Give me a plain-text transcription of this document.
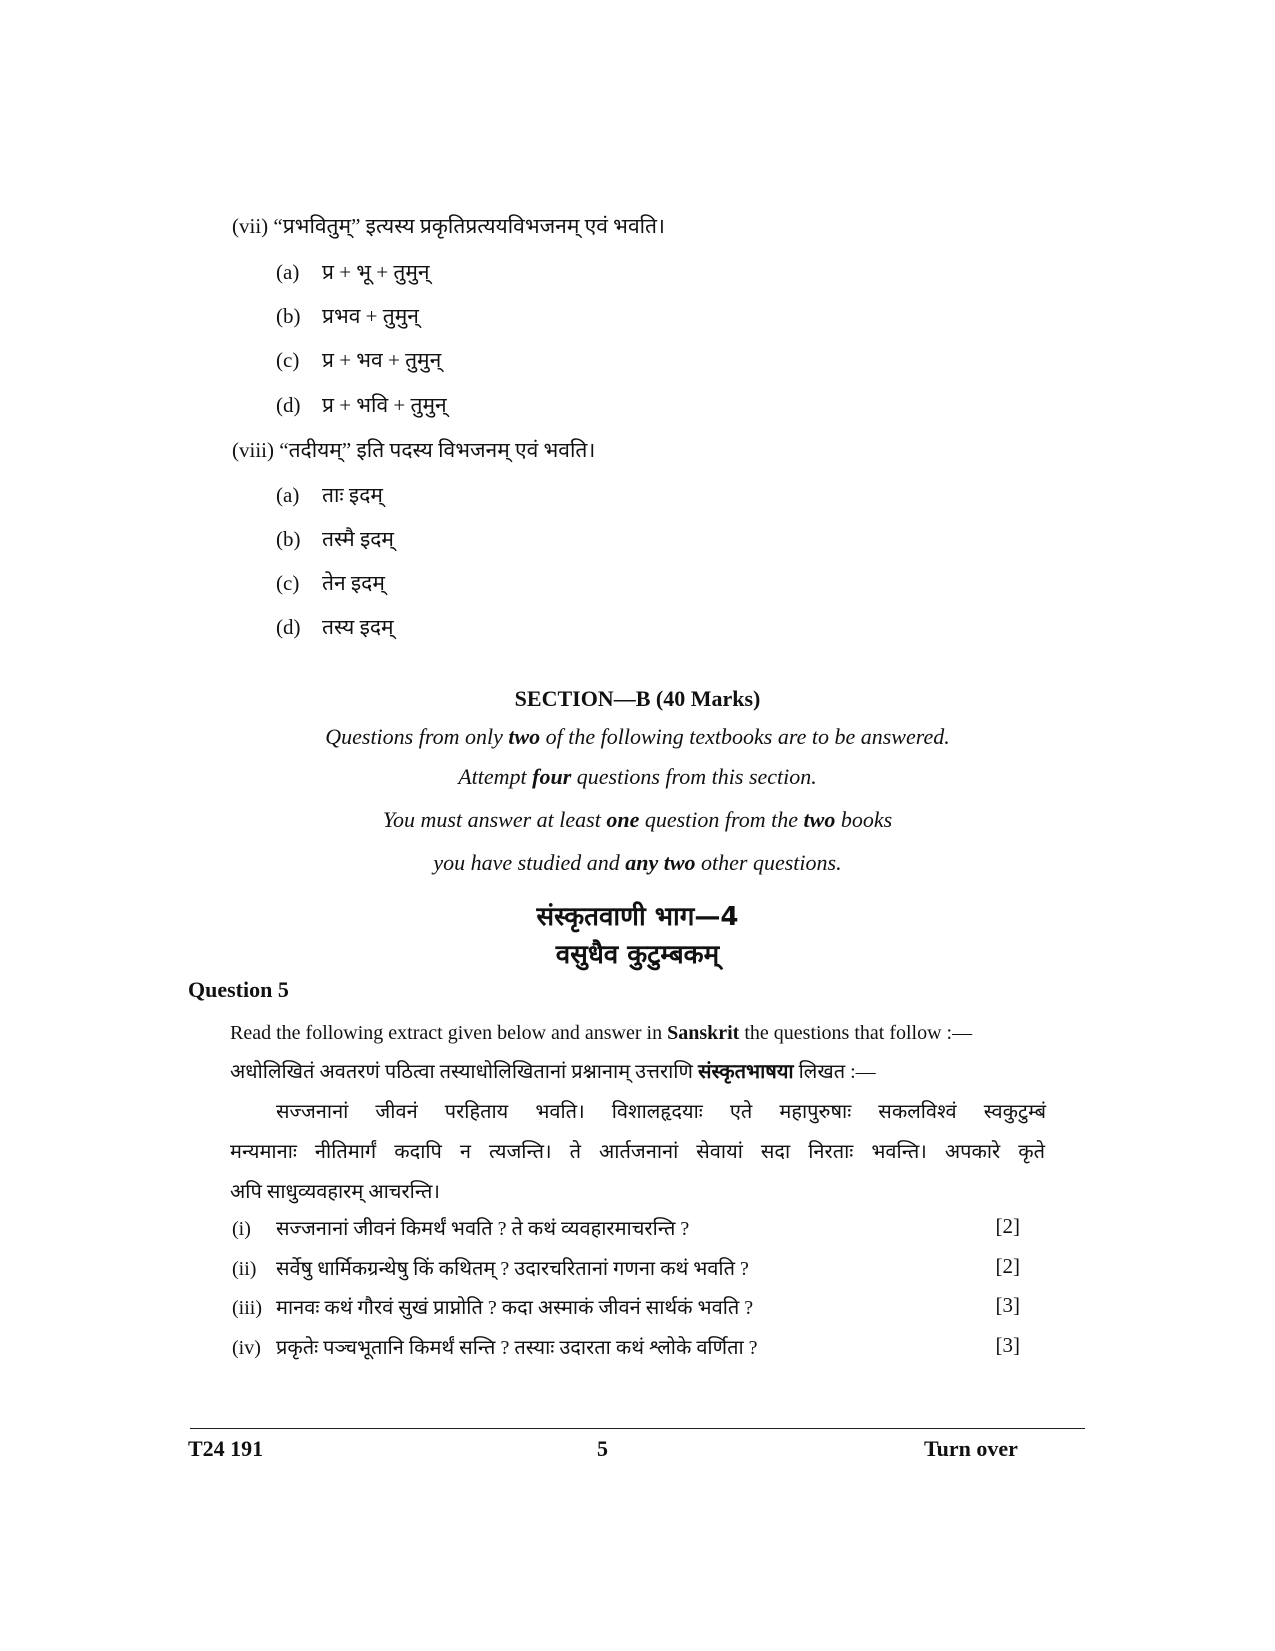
(vii) “प्रभवितुम्” इत्यस्य प्रकृतिप्रत्ययविभजनम् एवं भवति।
(a) प्र + भू + तुमुन्
(b) प्रभव + तुमुन्
(c) प्र + भव + तुमुन्
(d) प्र + भवि + तुमुन्
(viii) “तदीयम्” इति पदस्य विभजनम् एवं भवति।
(a) ताः इदम्
(b) तस्मै इदम्
(c) तेन इदम्
(d) तस्य इदम्
SECTION—B (40 Marks)
Questions from only two of the following textbooks are to be answered.
Attempt four questions from this section.
You must answer at least one question from the two books
you have studied and any two other questions.
संस्कृतवाणी भाग—4
वसुधैव कुटुम्बकम्
Question 5
Read the following extract given below and answer in Sanskrit the questions that follow :—
अधोलिखितं अवतरणं पठित्वा तस्याधोलिखितानां प्रश्नानाम् उत्तराणि संस्कृतभाषया लिखत :—
सज्जनानां जीवनं परहिताय भवति। विशालहृदयाः एते महापुरुषाः सकलविश्वं स्वकुटुम्बं
मन्यमानाः नीतिमार्गं कदापि न त्यजन्ति। ते आर्तजनानां सेवायां सदा निरताः भवन्ति। अपकारे कृते
अपि साधुव्यवहारम् आचरन्ति।
(i) सज्जनानां जीवनं किमर्थं भवति ? ते कथं व्यवहारमाचरन्ति ?	[2]
(ii) सर्वेषु धार्मिकग्रन्थेषु किं कथितम् ? उदारचरितानां गणना कथं भवति ?	[2]
(iii) मानवः कथं गौरवं सुखं प्राप्नोति ? कदा अस्माकं जीवनं सार्थकं भवति ?	[3]
(iv) प्रकृतेः पञ्चभूतानि किमर्थं सन्ति ? तस्याः उदारता कथं श्लोके वर्णिता ?	[3]
T24 191	5	Turn over
